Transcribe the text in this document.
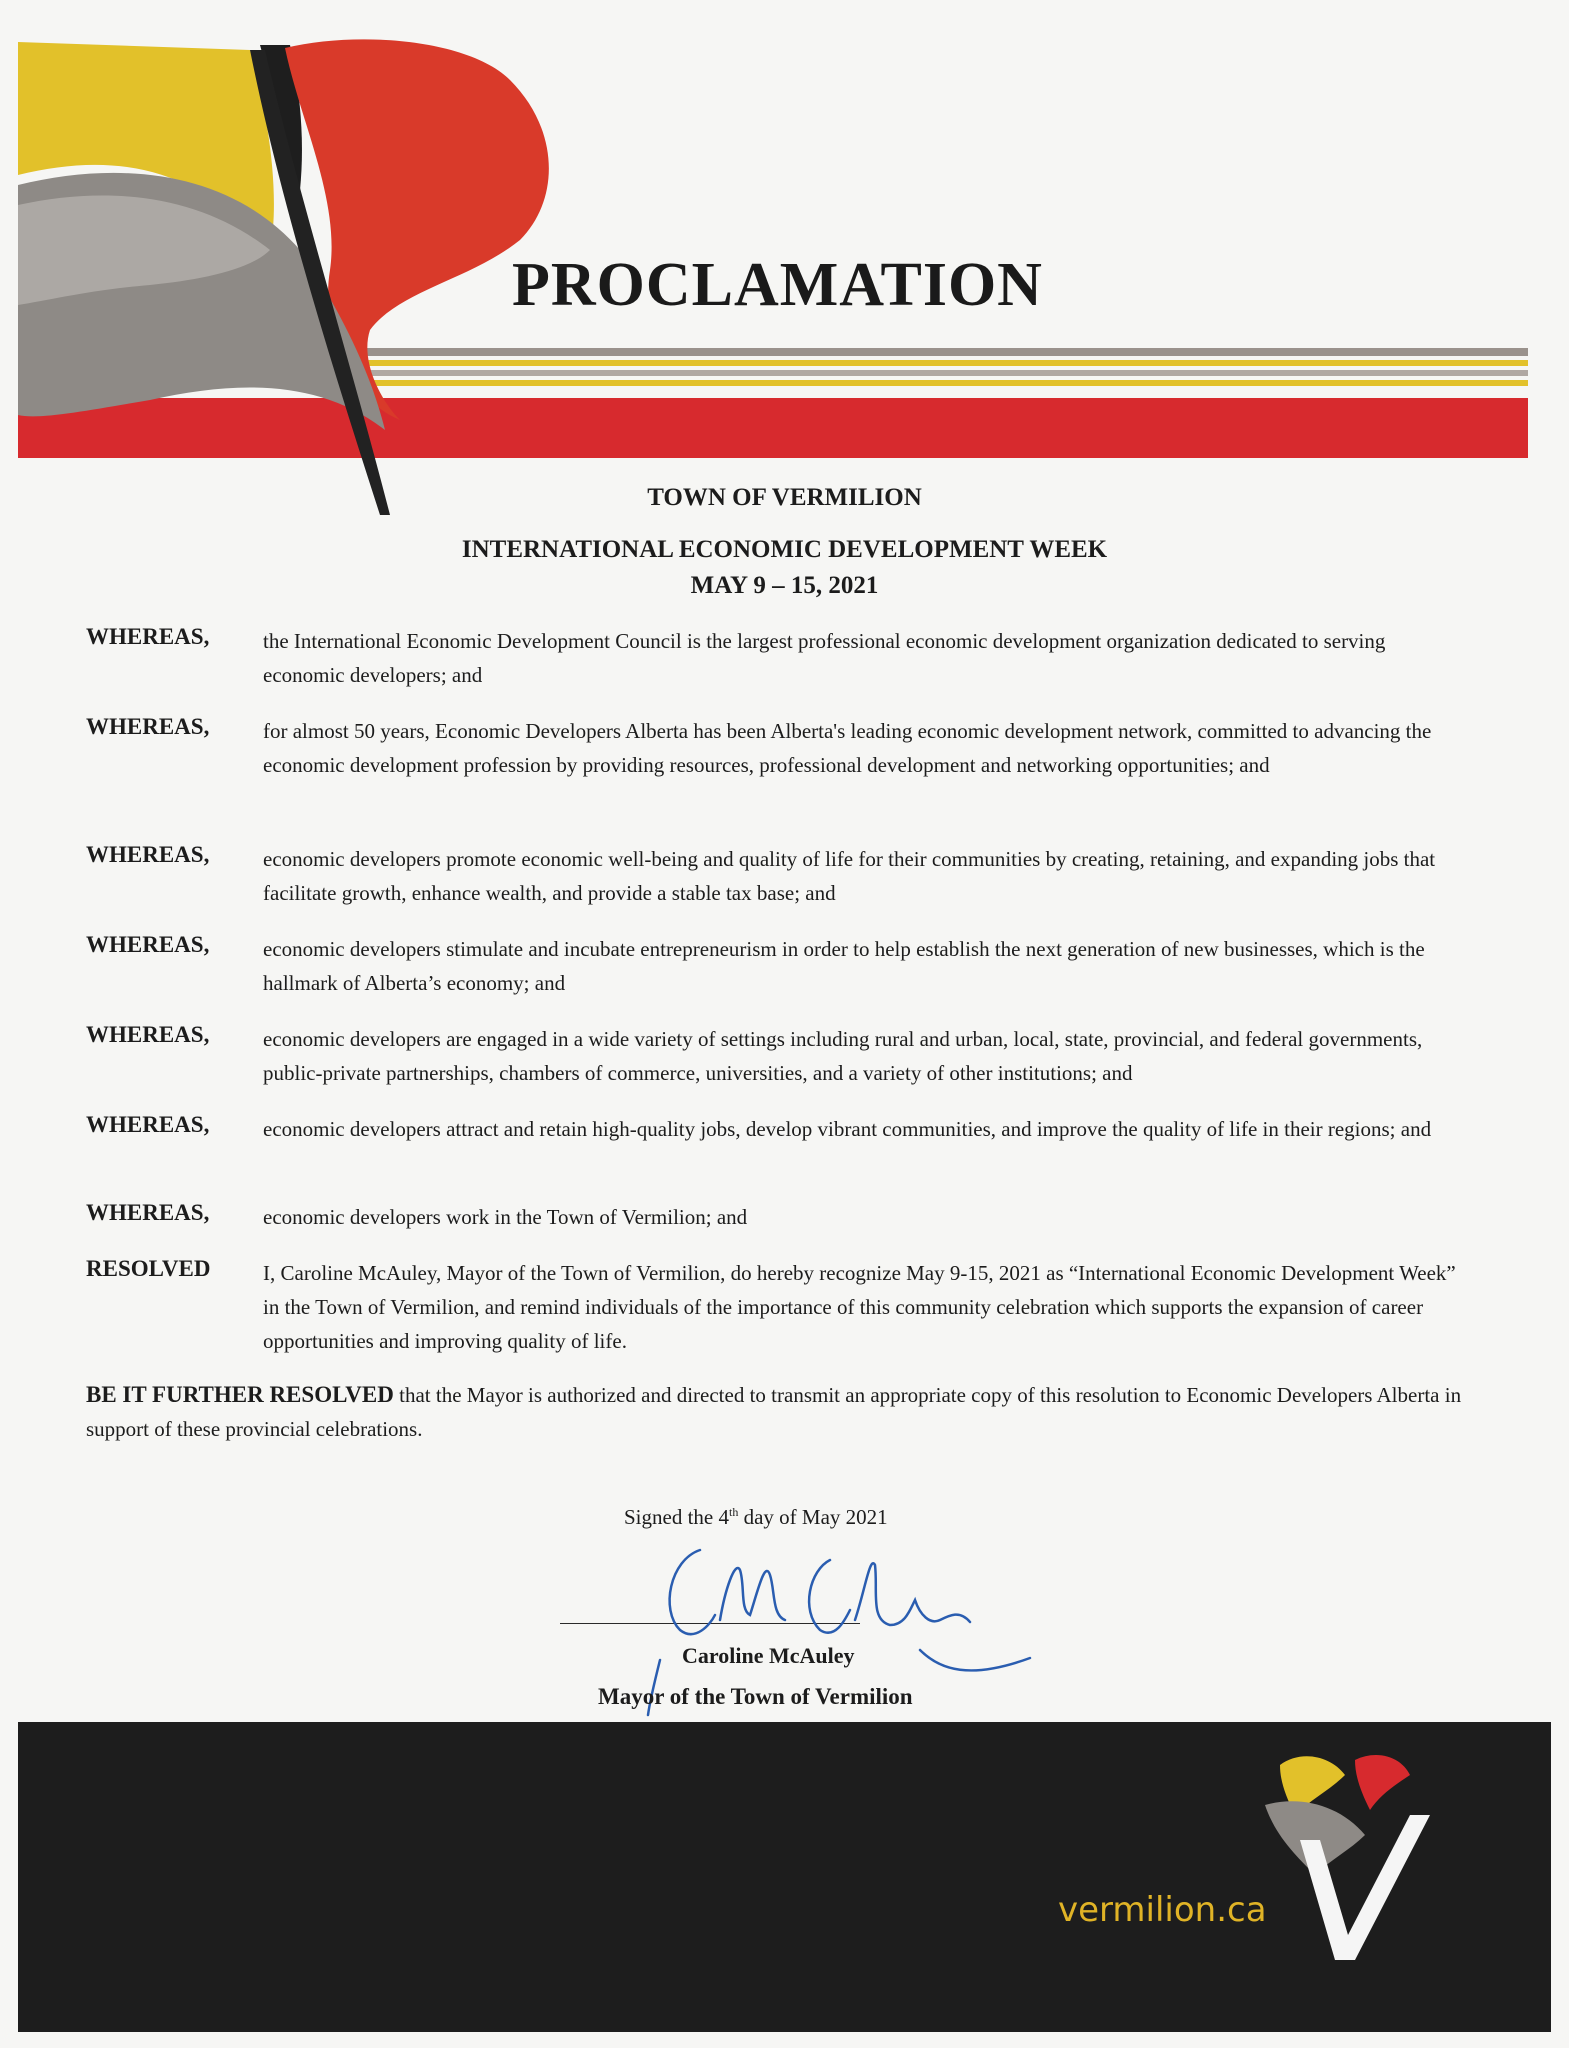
PROCLAMATION
TOWN OF VERMILION
INTERNATIONAL ECONOMIC DEVELOPMENT WEEK
MAY 9 – 15, 2021
WHEREAS,	the International Economic Development Council is the largest professional economic development organization dedicated to serving economic developers; and
WHEREAS,	for almost 50 years, Economic Developers Alberta has been Alberta's leading economic development network, committed to advancing the economic development profession by providing resources, professional development and networking opportunities; and
WHEREAS,	economic developers promote economic well-being and quality of life for their communities by creating, retaining, and expanding jobs that facilitate growth, enhance wealth, and provide a stable tax base; and
WHEREAS,	economic developers stimulate and incubate entrepreneurism in order to help establish the next generation of new businesses, which is the hallmark of Alberta’s economy; and
WHEREAS,	economic developers are engaged in a wide variety of settings including rural and urban, local, state, provincial, and federal governments, public-private partnerships, chambers of commerce, universities, and a variety of other institutions; and
WHEREAS,	economic developers attract and retain high-quality jobs, develop vibrant communities, and improve the quality of life in their regions; and
WHEREAS,	economic developers work in the Town of Vermilion; and
RESOLVED	I, Caroline McAuley, Mayor of the Town of Vermilion, do hereby recognize May 9-15, 2021 as “International Economic Development Week” in the Town of Vermilion, and remind individuals of the importance of this community celebration which supports the expansion of career opportunities and improving quality of life.
BE IT FURTHER RESOLVED that the Mayor is authorized and directed to transmit an appropriate copy of this resolution to Economic Developers Alberta in support of these provincial celebrations.
Signed the 4th day of May 2021
Caroline McAuley
Mayor of the Town of Vermilion
vermilion.ca
V
